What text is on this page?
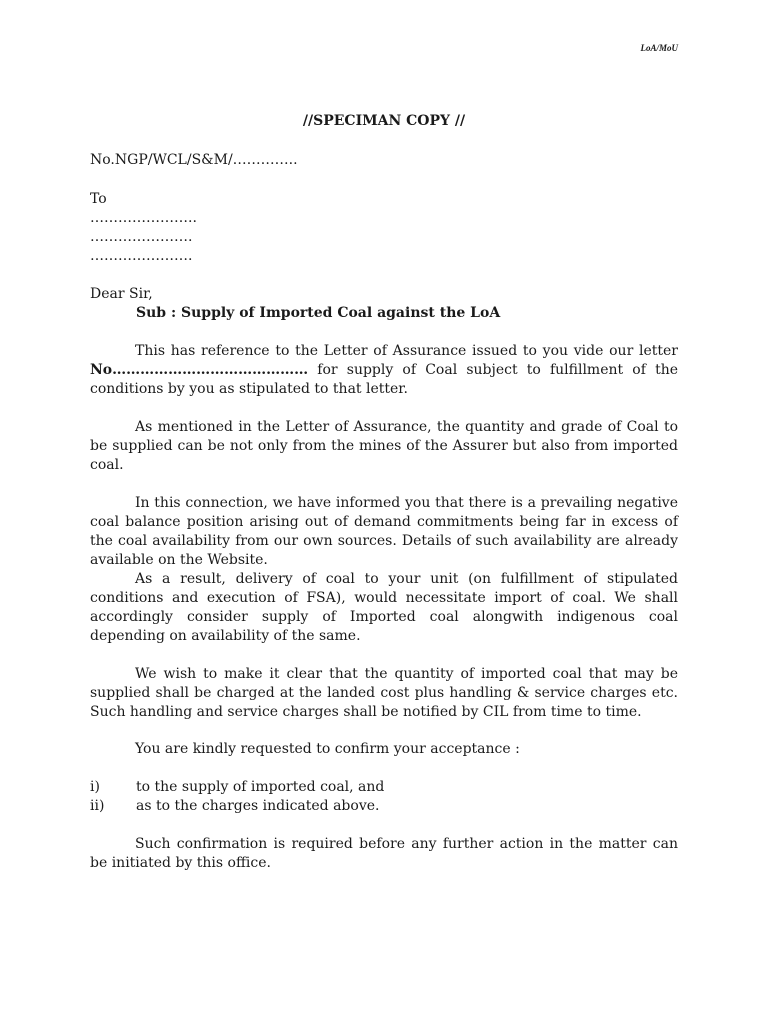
LoA/MoU
//SPECIMAN COPY //
No.NGP/WCL/S&M/…………..
To
…………………..
………………….
………………….
Dear Sir,
Sub : Supply of Imported Coal against the LoA
This has reference to the Letter of Assurance issued to you vide our letter No…………………………………… for supply of Coal subject to fulfillment of the conditions by you as stipulated to that letter.
As mentioned in the Letter of Assurance, the quantity and grade of Coal to be supplied can be not only from the mines of the Assurer but also from imported coal.
In this connection, we have informed you that there is a prevailing negative coal balance position arising out of demand commitments being far in excess of the coal availability from our own sources. Details of such availability are already available on the Website.
As a result, delivery of coal to your unit (on fulfillment of stipulated conditions and execution of FSA), would necessitate import of coal. We shall accordingly consider supply of Imported coal alongwith indigenous coal depending on availability of the same.
We wish to make it clear that the quantity of imported coal that may be supplied shall be charged at the landed cost plus handling & service charges etc. Such handling and service charges shall be notified by CIL from time to time.
You are kindly requested to confirm your acceptance :
i)	to the supply of imported coal, and
ii)	as to the charges indicated above.
Such confirmation is required before any further action in the matter can be initiated by this office.
